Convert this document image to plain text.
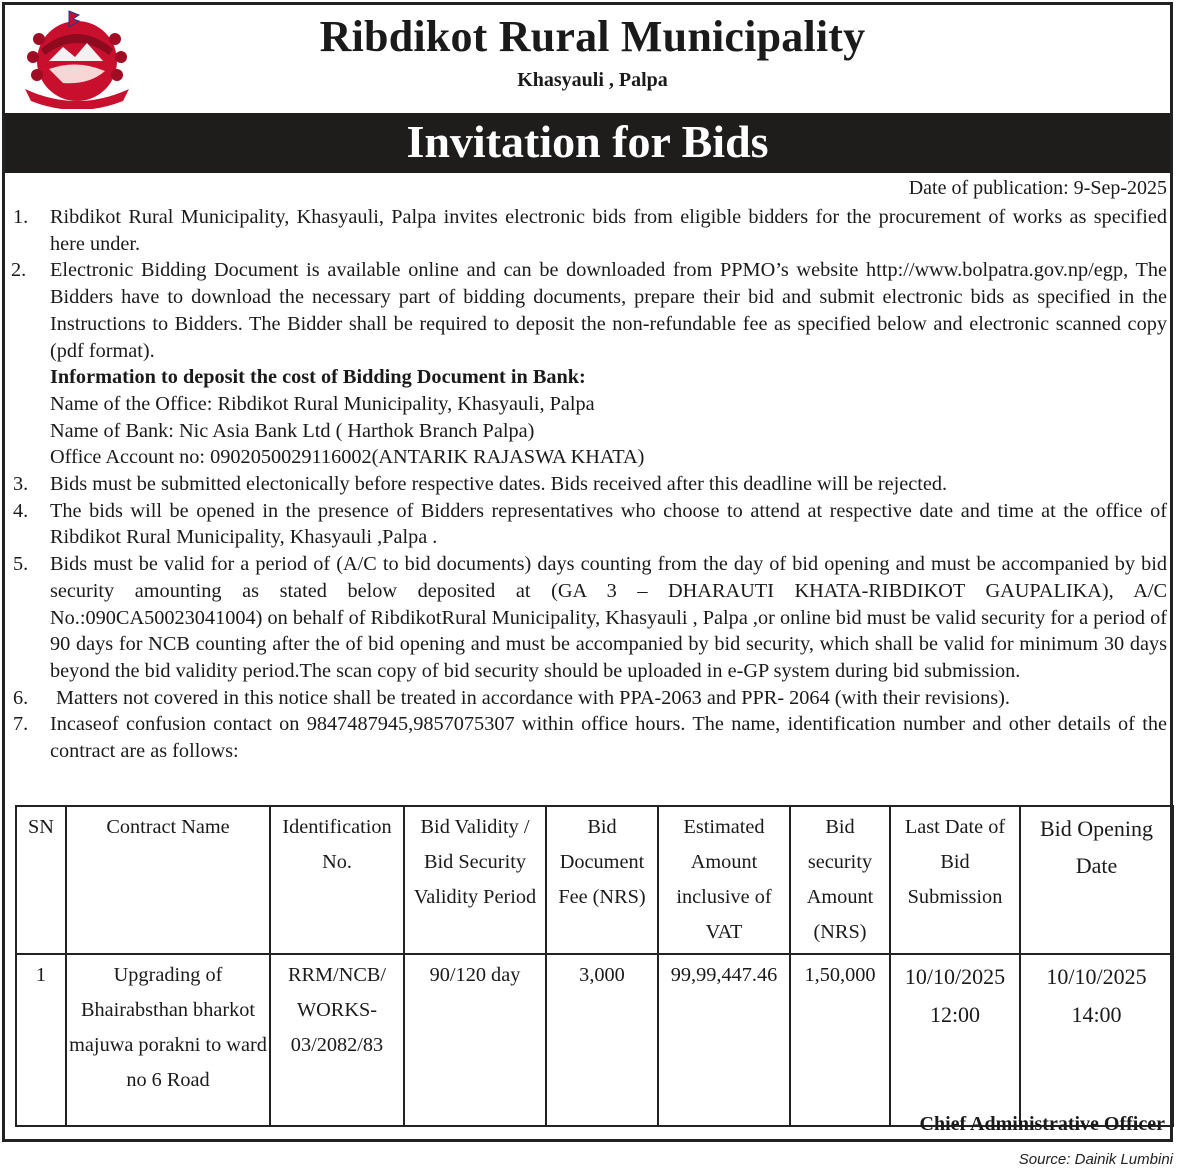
Ribdikot Rural Municipality
Khasyauli , Palpa
Invitation for Bids
Date of publication: 9-Sep-2025
1. Ribdikot Rural Municipality, Khasyauli, Palpa invites electronic bids from eligible bidders for the procurement of works as specified here under.
2. Electronic Bidding Document is available online and can be downloaded from PPMO’s website http://www.bolpatra.gov.np/egp, The Bidders have to download the necessary part of bidding documents, prepare their bid and submit electronic bids as specified in the Instructions to Bidders. The Bidder shall be required to deposit the non-refundable fee as specified below and electronic scanned copy (pdf format).
Information to deposit the cost of Bidding Document in Bank:
Name of the Office: Ribdikot Rural Municipality, Khasyauli, Palpa
Name of Bank: Nic Asia Bank Ltd ( Harthok Branch Palpa)
Office Account no: 0902050029116002(ANTARIK RAJASWA KHATA)
3. Bids must be submitted electonically before respective dates. Bids received after this deadline will be rejected.
4. The bids will be opened in the presence of Bidders representatives who choose to attend at respective date and time at the office of Ribdikot Rural Municipality, Khasyauli ,Palpa .
5. Bids must be valid for a period of (A/C to bid documents) days counting from the day of bid opening and must be accompanied by bid security amounting as stated below deposited at (GA 3 – DHARAUTI KHATA-RIBDIKOT GAUPALIKA), A/C No.:090CA50023041004) on behalf of RibdikotRural Municipality, Khasyauli , Palpa ,or online bid must be valid security for a period of 90 days for NCB counting after the of bid opening and must be accompanied by bid security, which shall be valid for minimum 30 days beyond the bid validity period.The scan copy of bid security should be uploaded in e-GP system during bid submission.
6. Matters not covered in this notice shall be treated in accordance with PPA-2063 and PPR- 2064 (with their revisions).
7. Incaseof confusion contact on 9847487945,9857075307 within office hours. The name, identification number and other details of the contract are as follows:
SN	Contract Name	Identification No.	Bid Validity / Bid Security Validity Period	Bid Document Fee (NRS)	Estimated Amount inclusive of VAT	Bid security Amount (NRS)	Last Date of Bid Submission	Bid Opening Date
1	Upgrading of Bhairabsthan bharkot majuwa porakni to ward no 6 Road	RRM/NCB/ WORKS- 03/2082/83	90/120 day	3,000	99,99,447.46	1,50,000	10/10/2025 12:00	10/10/2025 14:00
Chief Administrative Officer
Source: Dainik Lumbini
